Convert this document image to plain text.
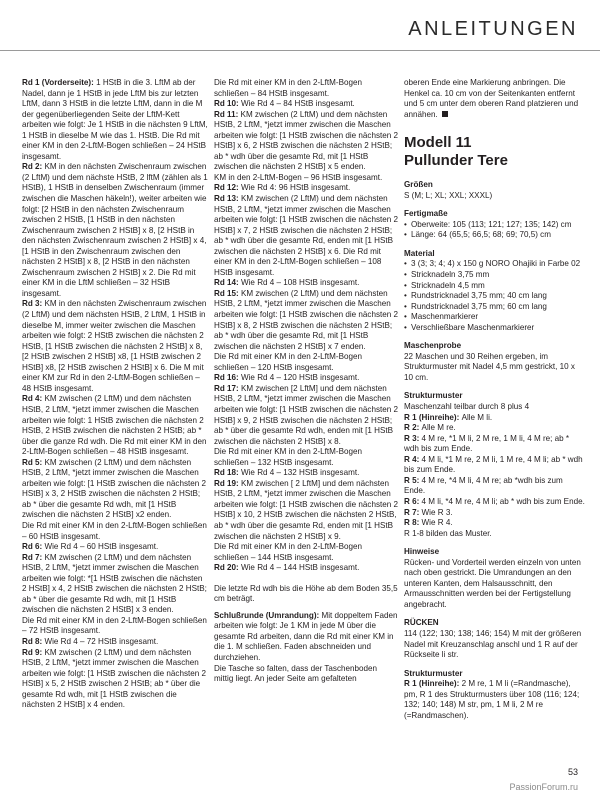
ANLEITUNGEN

Rd 1 (Vorderseite): 1 HStB in die 3. LftM ab der Nadel, dann je 1 HStB in jede LftM bis zur letzten LftM, dann 3 HStB in die letzte LftM, dann in die M der gegenüberliegenden Seite der LftM-Kett arbeiten wie folgt: Je 1 HStB in die nächsten 9 LftM, 1 HStB in dieselbe M wie das 1. HStB. Die Rd mit einer KM in den 2-LftM-Bogen schließen – 24 HStB insgesamt.

Rd 2: KM in den nächsten Zwischenraum zwischen (2 LftM) und dem nächste HStB, 2 lftM (zählen als 1 HStB), 1 HStB in denselben Zwischenraum (immer zwischen die Maschen häkeln!), weiter arbeiten wie folgt: [2 HStB in den nächsten Zwischenraum zwischen 2 HStB, [1 HStB in den nächsten Zwischenraum zwischen 2 HStB] x 8, [2 HStB in den nächsten Zwischenraum zwischen 2 HStB] x 4, [1 HStB in den Zwischenraum zwischen den nächsten 2 HStB] x 8, [2 HStB in den nächsten Zwischenraum zwischen 2 HStB] x 2. Die Rd mit einer KM in die LftM schließen – 32 HStB insgesamt.

Rd 3: KM in den nächsten Zwischenraum zwischen (2 LftM) und dem nächsten HStB, 2 LftM, 1 HStB in dieselbe M, immer weiter zwischen die Maschen arbeiten wie folgt: 2 HStB zwischen die nächsten 2 HStB, [1 HStB zwischen die nächsten 2 HStB] x 8, [2 HStB zwischen 2 HStB] x8, [1 HStB zwischen 2 HStB] x8, [2 HStB zwischen 2 HStB] x 6. Die M mit einer KM zur Rd in den 2-LftM-Bogen schließen – 48 HStB insgesamt.

Rd 4: KM zwischen (2 LftM) und dem nächsten HStB, 2 LftM, *jetzt immer zwischen die Maschen arbeiten wie folgt: 1 HStB zwischen die nächsten 2 HStB, 2 HStB zwischen die nächsten 2 HStB; ab * über die ganze Rd wdh. Die Rd mit einer KM in den 2-LftM-Bogen schließen – 48 HStB insgesamt.

Rd 5: KM zwischen (2 LftM) und dem nächsten HStB, 2 LftM, *jetzt immer zwischen die Maschen arbeiten wie folgt: [1 HStB zwischen die nächsten 2 HStB] x 3, 2 HStB zwischen die nächsten 2 HStB; ab * über die gesamte Rd wdh, mit [1 HStB zwischen die nächsten 2 HStB] x2 enden.

Die Rd mit einer KM in den 2-LftM-Bogen schließen – 60 HStB insgesamt.

Rd 6: Wie Rd 4 – 60 HStB insgesamt.

Rd 7: KM zwischen (2 LftM) und dem nächsten HStB, 2 LftM, *jetzt immer zwischen die Maschen arbeiten wie folgt: *[1 HStB zwischen die nächsten 2 HStB] x 4, 2 HStB zwischen die nächsten 2 HStB; ab * über die gesamte Rd wdh, mit [1 HStB zwischen die nächsten 2 HStB] x 3 enden.

Die Rd mit einer KM in den 2-LftM-Bogen schließen – 72 HStB insgesamt.

Rd 8: Wie Rd 4 – 72 HStB insgesamt.

Rd 9: KM zwischen (2 LftM) und dem nächsten HStB, 2 LftM, *jetzt immer zwischen die Maschen arbeiten wie folgt: [1 HStB zwischen die nächsten 2 HStB] x 5, 2 HStB zwischen 2 HStB; ab * über die gesamte Rd wdh, mit [1 HStB zwischen die nächsten 2 HStB] x 4 enden.

Die Rd mit einer KM in den 2-LftM-Bogen schließen – 84 HStB insgesamt.

Rd 10: Wie Rd 4 – 84 HStB insgesamt.

Rd 11: KM zwischen (2 LftM) und dem nächsten HStB, 2 LftM, *jetzt immer zwischen die Maschen arbeiten wie folgt: [1 HStB zwischen die nächsten 2 HStB] x 6, 2 HStB zwischen die nächsten 2 HStB; ab * wdh über die gesamte Rd, mit [1 HStB zwischen die nächsten 2 HStB] x 5 enden.

KM in den 2-LftM-Bogen – 96 HStB insgesamt.

Rd 12: Wie Rd 4: 96 HStB insgesamt.

Rd 13: KM zwischen (2 LftM) und dem nächsten HStB, 2 LftM, *jetzt immer zwischen die Maschen arbeiten wie folgt: [1 HStB zwischen die nächsten 2 HStB] x 7, 2 HStB zwischen die nächsten 2 HStB; ab * wdh über die gesamte Rd, enden mit [1 HStB zwischen die nächsten 2 HStB] x 6. Die Rd mit einer KM in den 2-LftM-Bogen schließen – 108 HStB insgesamt.

Rd 14: Wie Rd 4 – 108 HStB insgesamt.

Rd 15: KM zwischen (2 LftM) und dem nächsten HStB, 2 LftM, *jetzt immer zwischen die Maschen arbeiten wie folgt: [1 HStB zwischen die nächsten 2 HStB] x 8, 2 HStB zwischen die nächsten 2 HStB; ab * wdh über die gesamte Rd, mit [1 HStB zwischen die nächsten 2 HStB] x 7 enden.

Die Rd mit einer KM in den 2-LftM-Bogen schließen – 120 HStB insgesamt.

Rd 16: Wie Rd 4 – 120 HStB insgesamt.

Rd 17: KM zwischen [2 LftM] und dem nächsten HStB, 2 LftM, *jetzt immer zwischen die Maschen arbeiten wie folgt: [1 HStB zwischen die nächsten 2 HStB] x 9, 2 HStB zwischen die nächsten 2 HStB; ab * über die gesamte Rd wdh, enden mit [1 HStB zwischen die nächsten 2 HStB] x 8.

Die Rd mit einer KM in den 2-LftM-Bogen schließen – 132 HStB insgesamt.

Rd 18: Wie Rd 4 – 132 HStB insgesamt.

Rd 19: KM zwischen [ 2 LftM] und dem nächsten HStB, 2 LftM, *jetzt immer zwischen die Maschen arbeiten wie folgt: [1 HStB zwischen die nächsten 2 HStB] x 10, 2 HStB zwischen die nächsten 2 HStB, ab * wdh über die gesamte Rd, enden mit [1 HStB zwischen die nächsten 2 HStB] x 9.

Die Rd mit einer KM in den 2-LftM-Bogen schließen – 144 HStB insgesamt.

Rd 20: Wie Rd 4 – 144 HStB insgesamt.

Die letzte Rd wdh bis die Höhe ab dem Boden 35,5 cm beträgt.

Schlußrunde (Umrandung): Mit doppeltem Faden arbeiten wie folgt: Je 1 KM in jede M über die gesamte Rd arbeiten, dann die Rd mit einer KM in die 1. M schließen. Faden abschneiden und durchziehen.

Die Tasche so falten, dass der Taschenboden mittig liegt. An jeder Seite am gefalteten

oberen Ende eine Markierung anbringen. Die Henkel ca. 10 cm von der Seitenkanten entfernt und 5 cm unter dem oberen Rand platzieren und annähen.

Modell 11
Pullunder Tere

Größen

S (M; L; XL; XXL; XXXL)

Fertigmaße

• Oberweite: 105 (113; 121; 127; 135; 142) cm
• Länge: 64 (65,5; 66,5; 68; 69; 70,5) cm

Material

• 3 (3; 3; 4; 4) x 150 g NORO Ohajiki in Farbe 02
• Stricknadeln 3,75 mm
• Stricknadeln 4,5 mm
• Rundstricknadel 3,75 mm; 40 cm lang
• Rundstricknadel 3,75 mm; 60 cm lang
• Maschenmarkierer
• Verschließbare Maschenmarkierer

Maschenprobe

22 Maschen und 30 Reihen ergeben, im Strukturmuster mit Nadel 4,5 mm gestrickt, 10 x 10 cm.

Strukturmuster

Maschenzahl teilbar durch 8 plus 4

R 1 (Hinreihe): Alle M li.

R 2: Alle M re.

R 3: 4 M re, *1 M li, 2 M re, 1 M li, 4 M re; ab * wdh bis zum Ende.

R 4: 4 M li, *1 M re, 2 M li, 1 M re, 4 M li; ab * wdh bis zum Ende.

R 5: 4 M re, *4 M li, 4 M re; ab *wdh bis zum Ende.

R 6: 4 M li, *4 M re, 4 M li; ab * wdh bis zum Ende.

R 7: Wie R 3.

R 8: Wie R 4.

R 1-8 bilden das Muster.

Hinweise

Rücken- und Vorderteil werden einzeln von unten nach oben gestrickt. Die Umrandungen an den unteren Kanten, dem Halsausschnitt, den Armausschnitten werden bei der Fertigstellung angebracht.

RÜCKEN

114 (122; 130; 138; 146; 154) M mit der größeren Nadel mit Kreuzanschlag anschl und 1 R auf der Rückseite li str.

Strukturmuster

R 1 (Hinreihe): 2 M re, 1 M li (=Randmasche), pm, R 1 des Strukturmusters über 108 (116; 124; 132; 140; 148) M str, pm, 1 M li, 2 M re (=Randmaschen).

53
PassionForum.ru
